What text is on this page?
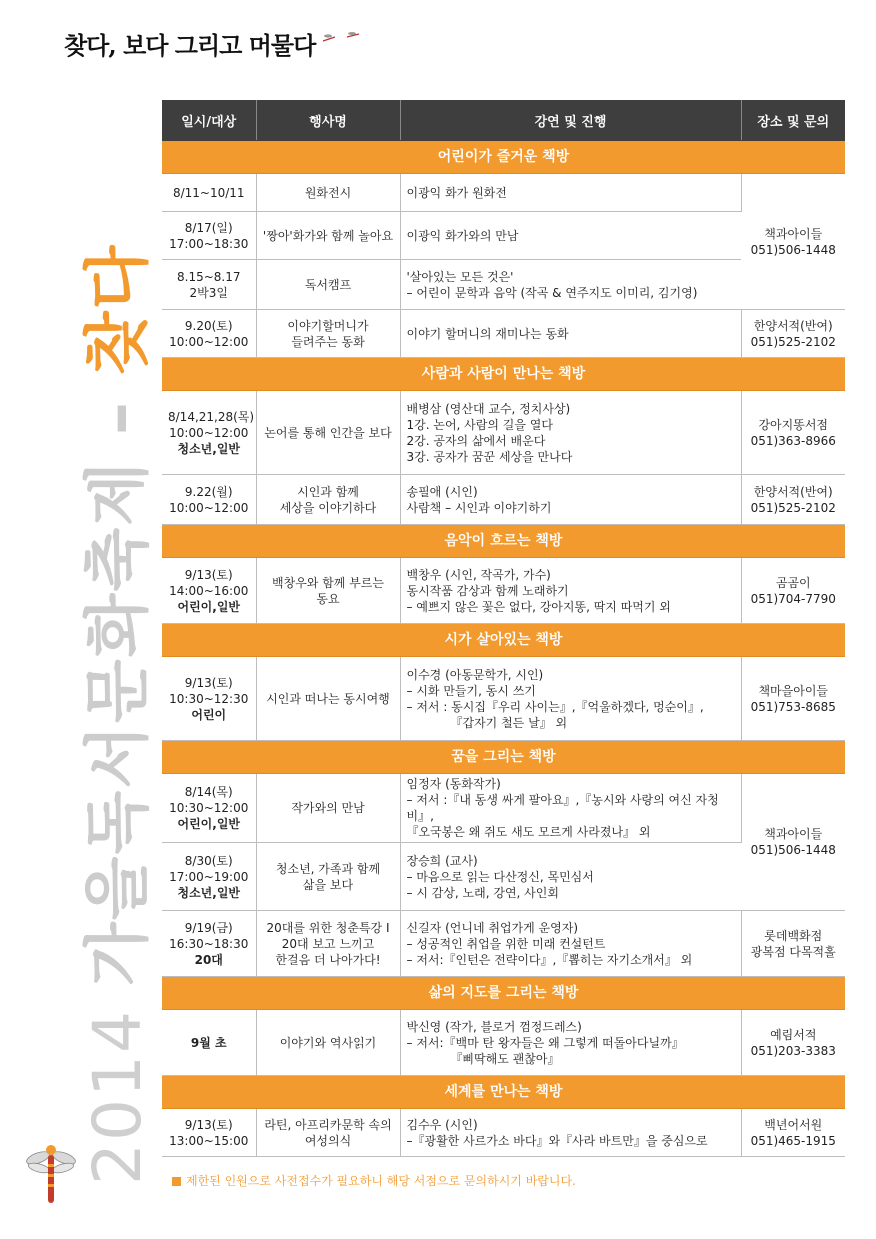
찾다, 보다 그리고 머물다
2014 가을독서문화축제 – 찾다
일시/대상	행사명	강연 및 진행	장소 및 문의
어린이가 즐거운 책방			

8/11~10/11	원화전시	이광익 화가 원화전	책과아이들
051)506-1448

8/17(일)
17:00~18:30	'짱아'화가와 함께 놀아요	이광익 화가와의 만남	

8.15~8.17
2박3일	독서캠프	'살아있는 모든 것은'
– 어린이 문학과 음악 (작곡 & 연주지도 이미리, 김기영)	

9.20(토)
10:00~12:00	이야기할머니가
들려주는 동화	이야기 할머니의 재미나는 동화	한양서적(반여)
051)525-2102

사람과 사람이 만나는 책방			

8/14,21,28(목)
10:00~12:00
청소년,일반	논어를 통해 인간을 보다	배병삼 (영산대 교수, 정치사상)
1강. 논어, 사람의 길을 열다
2강. 공자의 삶에서 배운다
3강. 공자가 꿈꾼 세상을 만나다	강아지똥서점
051)363-8966

9.22(월)
10:00~12:00	시인과 함께
세상을 이야기하다	송필애 (시인)
사람책 – 시인과 이야기하기	한양서적(반여)
051)525-2102

음악이 흐르는 책방			

9/13(토)
14:00~16:00
어린이,일반	백창우와 함께 부르는
동요	백창우 (시인, 작곡가, 가수)
동시작품 감상과 함께 노래하기
– 예쁘지 않은 꽃은 없다, 강아지똥, 딱지 따먹기 외	곰곰이
051)704-7790

시가 살아있는 책방			

9/13(토)
10:30~12:30
어린이	시인과 떠나는 동시여행	이수경 (아동문학가, 시인)
– 시화 만들기, 동시 쓰기
– 저서 : 동시집『우리 사이는』,『억울하겠다, 멍순이』,
『갑자기 철든 날』 외	책마을아이들
051)753-8685

꿈을 그리는 책방			

8/14(목)
10:30~12:00
어린이,일반	작가와의 만남	임정자 (동화작가)
– 저서 :『내 동생 싸게 팔아요』,『농시와 사랑의 여신 자청비』,
『오국봉은 왜 쥐도 새도 모르게 사라졌나』 외	책과아이들
051)506-1448

8/30(토)
17:00~19:00
청소년,일반	청소년, 가족과 함께
삶을 보다	장승희 (교사)
– 마음으로 읽는 다산정신, 목민심서
– 시 감상, 노래, 강연, 사인회	

9/19(금)
16:30~18:30
20대	20대를 위한 청춘특강 I
20대 보고 느끼고
한걸음 더 나아가다!	신길자 (언니네 취업가게 운영자)
– 성공적인 취업을 위한 미래 컨설턴트
– 저서:『인턴은 전략이다』,『뽑히는 자기소개서』 외	롯데백화점
광복점 다목적홀

삶의 지도를 그리는 책방			

9월 초	이야기와 역사읽기	박신영 (작가, 블로거 껌정드레스)
– 저서:『백마 탄 왕자들은 왜 그렇게 떠돌아다닐까』
『삐딱해도 괜찮아』	예림서적
051)203-3383

세계를 만나는 책방			

9/13(토)
13:00~15:00	라틴, 아프리카문학 속의
여성의식	김수우 (시인)
–『광활한 사르가소 바다』와『사라 바트만』을 중심으로	백년어서원
051)465-1915
제한된 인원으로 사전접수가 필요하니 해당 서점으로 문의하시기 바랍니다.
